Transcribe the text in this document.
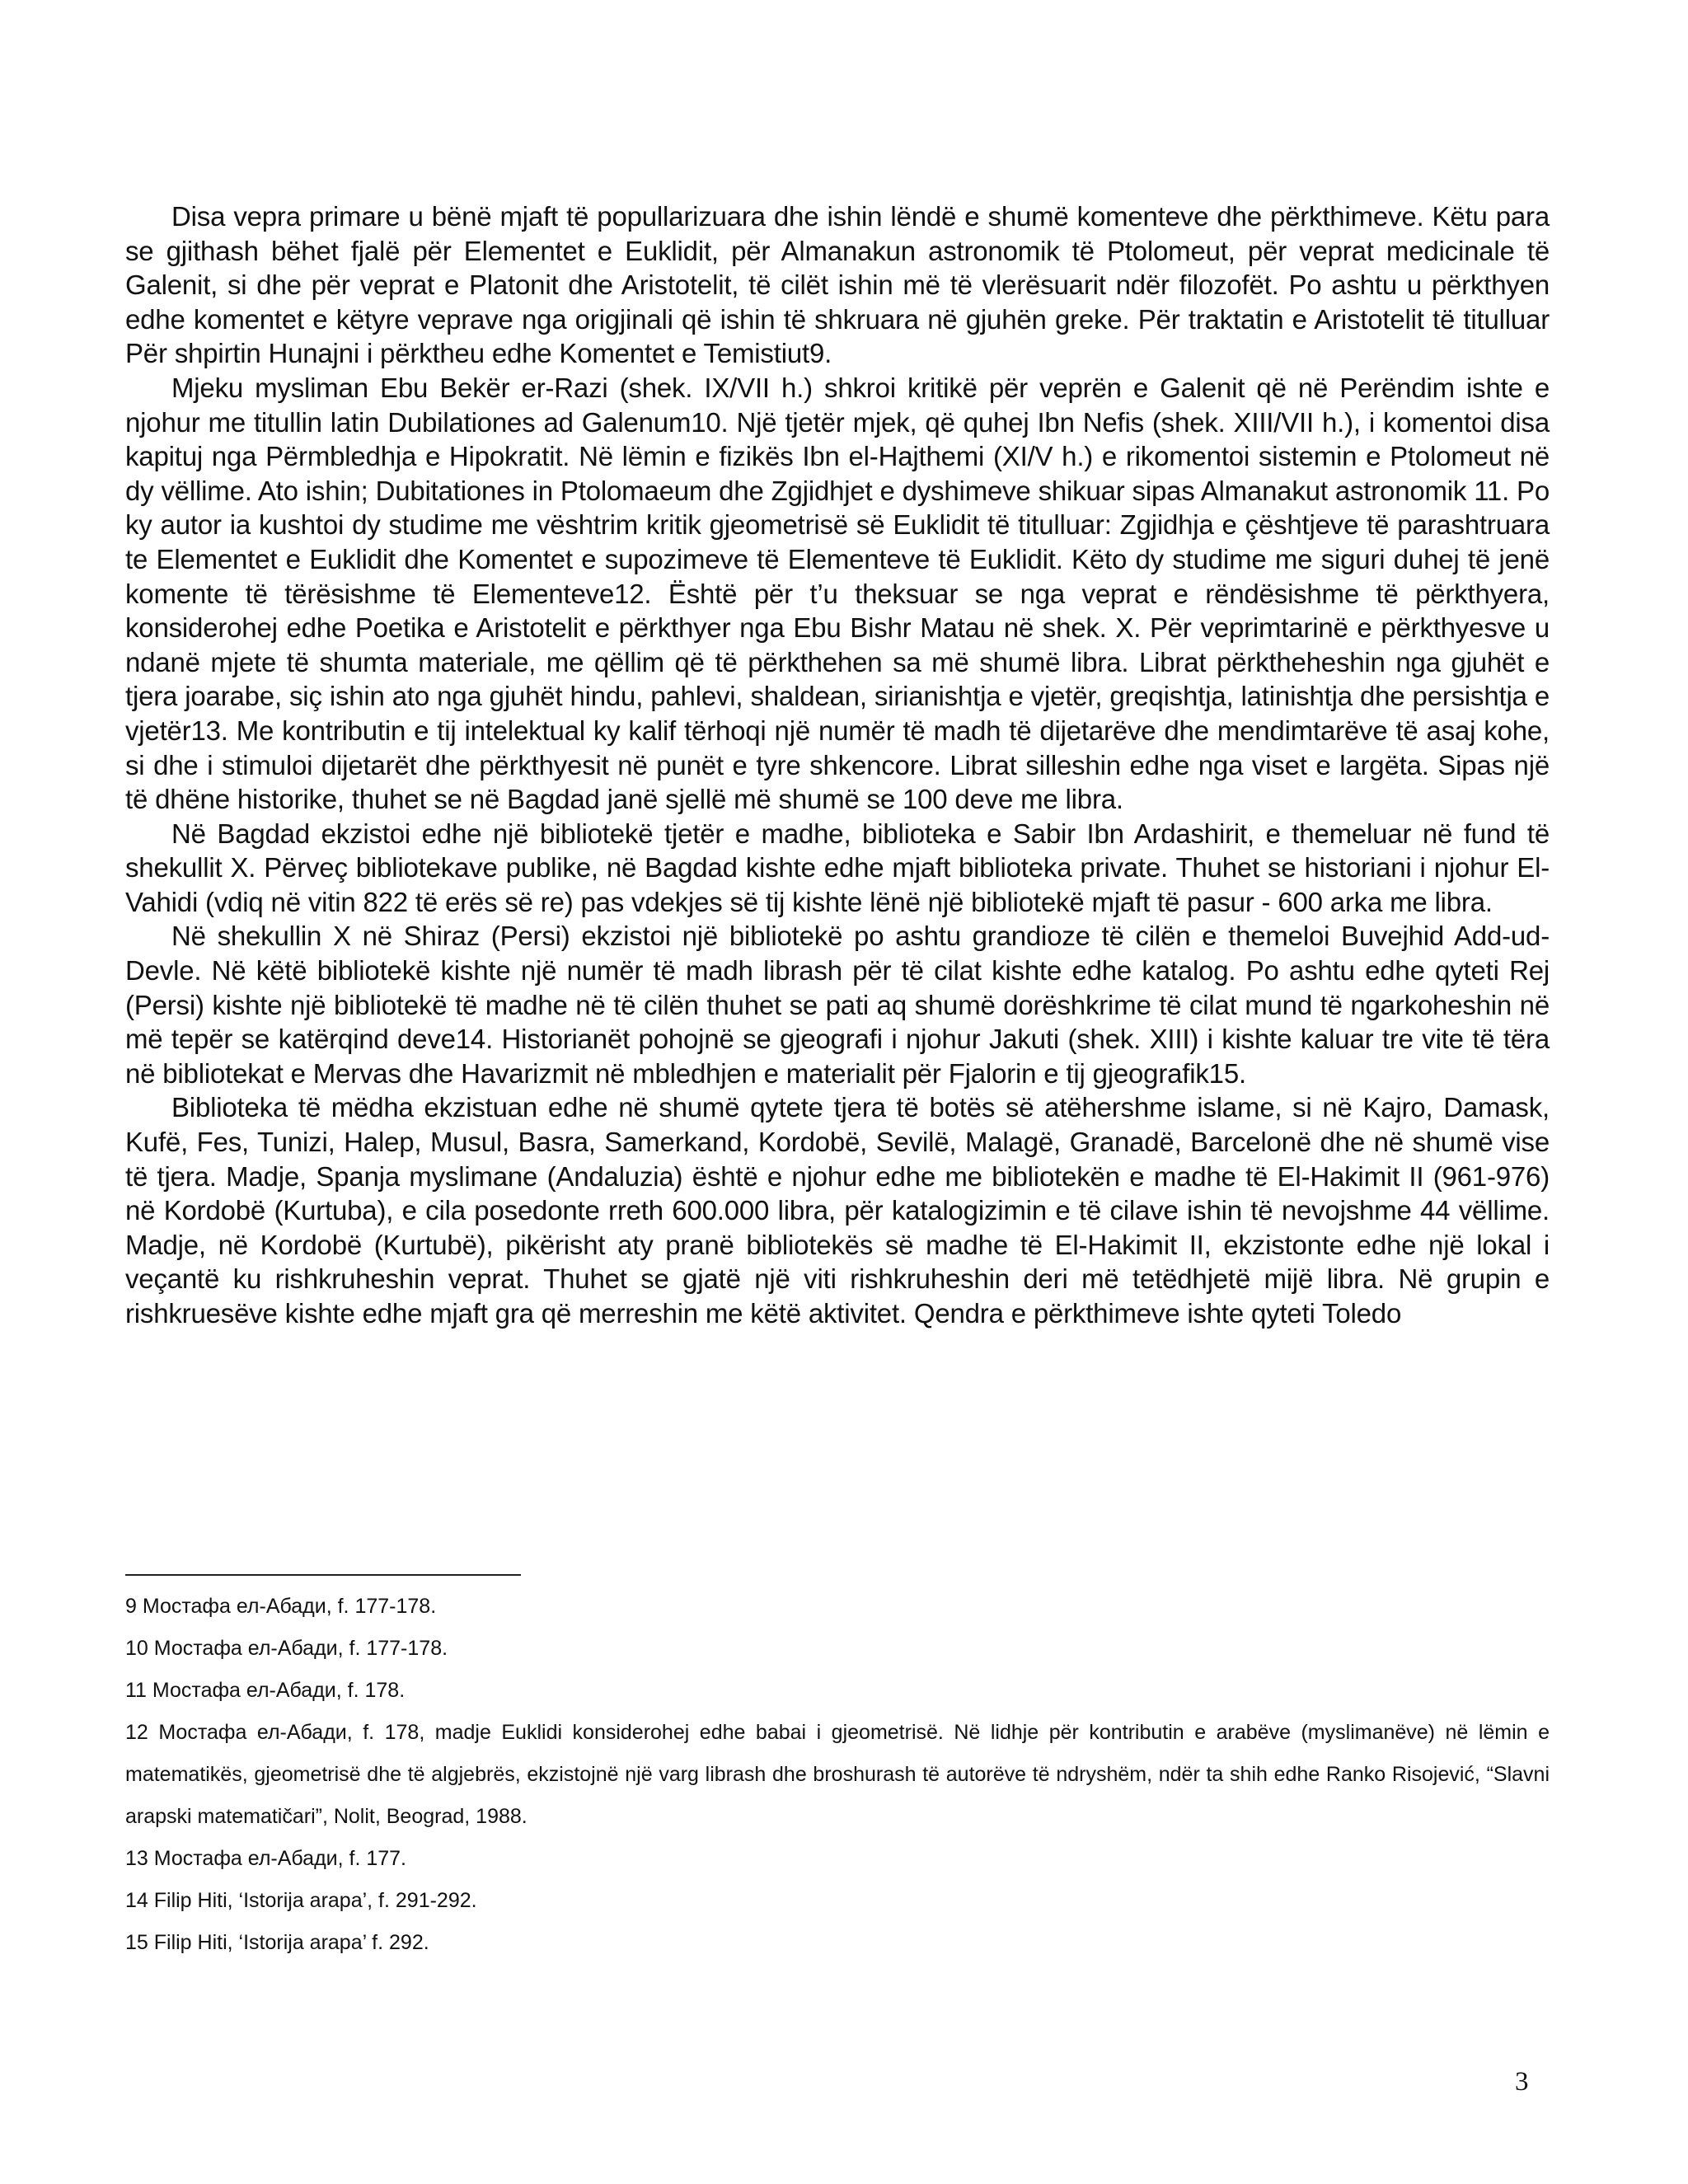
Disa vepra primare u bënë mjaft të popullarizuara dhe ishin lëndë e shumë komenteve dhe përkthimeve. Këtu para se gjithash bëhet fjalë për Elementet e Euklidit, për Almanakun astronomik të Ptolomeut, për veprat medicinale të Galenit, si dhe për veprat e Platonit dhe Aristotelit, të cilët ishin më të vlerësuarit ndër filozofët. Po ashtu u përkthyen edhe komentet e këtyre veprave nga origjinali që ishin të shkruara në gjuhën greke. Për traktatin e Aristotelit të titulluar Për shpirtin Hunajni i përktheu edhe Komentet e Temistiut9.

Mjeku mysliman Ebu Bekër er-Razi (shek. IX/VII h.) shkroi kritikë për veprën e Galenit që në Perëndim ishte e njohur me titullin latin Dubilationes ad Galenum10. Një tjetër mjek, që quhej Ibn Nefis (shek. XIII/VII h.), i komentoi disa kapituj nga Përmbledhja e Hipokratit. Në lëmin e fizikës Ibn el-Hajthemi (XI/V h.) e rikomentoi sistemin e Ptolomeut në dy vëllime. Ato ishin; Dubitationes in Ptolomaeum dhe Zgjidhjet e dyshimeve shikuar sipas Almanakut astronomik 11. Po ky autor ia kushtoi dy studime me vështrim kritik gjeometrisë së Euklidit të titulluar: Zgjidhja e çështjeve të parashtruara te Elementet e Euklidit dhe Komentet e supozimeve të Elementeve të Euklidit. Këto dy studime me siguri duhej të jenë komente të tërësishme të Elementeve12. Është për t’u theksuar se nga veprat e rëndësishme të përkthyera, konsiderohej edhe Poetika e Aristotelit e përkthyer nga Ebu Bishr Matau në shek. X. Për veprimtarinë e përkthyesve u ndanë mjete të shumta materiale, me qëllim që të përkthehen sa më shumë libra. Librat përktheheshin nga gjuhët e tjera joarabe, siç ishin ato nga gjuhët hindu, pahlevi, shaldean, sirianishtja e vjetër, greqishtja, latinishtja dhe persishtja e vjetër13. Me kontributin e tij intelektual ky kalif tërhoqi një numër të madh të dijetarëve dhe mendimtarëve të asaj kohe, si dhe i stimuloi dijetarët dhe përkthyesit në punët e tyre shkencore. Librat silleshin edhe nga viset e largëta. Sipas një të dhëne historike, thuhet se në Bagdad janë sjellë më shumë se 100 deve me libra.

Në Bagdad ekzistoi edhe një bibliotekë tjetër e madhe, biblioteka e Sabir Ibn Ardashirit, e themeluar në fund të shekullit X. Përveç bibliotekave publike, në Bagdad kishte edhe mjaft biblioteka private. Thuhet se historiani i njohur El-Vahidi (vdiq në vitin 822 të erës së re) pas vdekjes së tij kishte lënë një bibliotekë mjaft të pasur - 600 arka me libra.

Në shekullin X në Shiraz (Persi) ekzistoi një bibliotekë po ashtu grandioze të cilën e themeloi Buvejhid Add-ud-Devle. Në këtë bibliotekë kishte një numër të madh librash për të cilat kishte edhe katalog. Po ashtu edhe qyteti Rej (Persi) kishte një bibliotekë të madhe në të cilën thuhet se pati aq shumë dorëshkrime të cilat mund të ngarkoheshin në më tepër se katërqind deve14. Historianët pohojnë se gjeografi i njohur Jakuti (shek. XIII) i kishte kaluar tre vite të tëra në bibliotekat e Mervas dhe Havarizmit në mbledhjen e materialit për Fjalorin e tij gjeografik15.

Biblioteka të mëdha ekzistuan edhe në shumë qytete tjera të botës së atëhershme islame, si në Kajro, Damask, Kufë, Fes, Tunizi, Halep, Musul, Basra, Samerkand, Kordobë, Sevilë, Malagë, Granadë, Barcelonë dhe në shumë vise të tjera. Madje, Spanja myslimane (Andaluzia) është e njohur edhe me bibliotekën e madhe të El-Hakimit II (961-976) në Kordobë (Kurtuba), e cila posedonte rreth 600.000 libra, për katalogizimin e të cilave ishin të nevojshme 44 vëllime. Madje, në Kordobë (Kurtubë), pikërisht aty pranë bibliotekës së madhe të El-Hakimit II, ekzistonte edhe një lokal i veçantë ku rishkruheshin veprat. Thuhet se gjatë një viti rishkruheshin deri më tetëdhjetë mijë libra. Në grupin e rishkruesëve kishte edhe mjaft gra që merreshin me këtë aktivitet. Qendra e përkthimeve ishte qyteti Toledo

9 Мостафа ел-Абади, f. 177-178.

10 Мостафа ел-Абади, f. 177-178.

11 Мостафа ел-Абади, f. 178.

12 Мостафа ел-Абади, f. 178, madje Euklidi konsiderohej edhe babai i gjeometrisë. Në lidhje për kontributin e arabëve (myslimanëve) në lëmin e matematikës, gjeometrisë dhe të algjebrës, ekzistojnë një varg librash dhe broshurash të autorëve të ndryshëm, ndër ta shih edhe Ranko Risojević, “Slavni arapski matematičari”, Nolit, Beograd, 1988.

13 Мостафа ел-Абади, f. 177.

14 Filip Hiti, ‘Istorija arapa’, f. 291-292.

15 Filip Hiti, ‘Istorija arapa’ f. 292.

3
